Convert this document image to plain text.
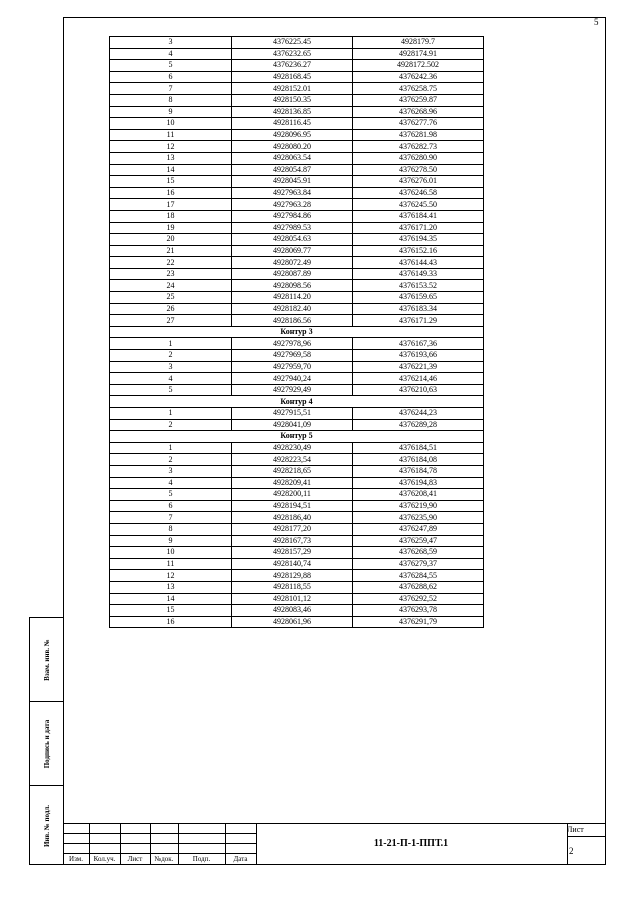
5
Взам. инв. №
Подпись и дата
Инв. № подл.
3	4376225.45	4928179.7
4	4376232.65	4928174.91
5	4376236.27	4928172.502
6	4928168.45	4376242.36
7	4928152.01	4376258.75
8	4928150.35	4376259.87
9	4928136.85	4376268.96
10	4928116.45	4376277.76
11	4928096.95	4376281.98
12	4928080.20	4376282.73
13	4928063.54	4376280.90
14	4928054.87	4376278.50
15	4928045.91	4376276.01
16	4927963.84	4376246.58
17	4927963.28	4376245.50
18	4927984.86	4376184.41
19	4927989.53	4376171.20
20	4928054.63	4376194.35
21	4928069.77	4376152.16
22	4928072.49	4376144.43
23	4928087.89	4376149.33
24	4928098.56	4376153.52
25	4928114.20	4376159.65
26	4928182.40	4376183.34
27	4928186.56	4376171.29
Контур 3		
1	4927978,96	4376167,36
2	4927969,58	4376193,66
3	4927959,70	4376221,39
4	4927940,24	4376214,46
5	4927929,49	4376210,63
Контур 4		
1	4927915,51	4376244,23
2	4928041,09	4376289,28
Контур 5		
1	4928230,49	4376184,51
2	4928223,54	4376184,08
3	4928218,65	4376184,78
4	4928209,41	4376194,83
5	4928200,11	4376208,41
6	4928194,51	4376219,90
7	4928186,40	4376235,90
8	4928177,20	4376247,89
9	4928167,73	4376259,47
10	4928157,29	4376268,59
11	4928140,74	4376279,37
12	4928129,88	4376284,55
13	4928118,55	4376288,62
14	4928101,12	4376292,52
15	4928083,46	4376293,78
16	4928061,96	4376291,79
Изм.	Кол.уч.	Лист	№док.	Подп.	Дата
11-21-П-1-ППТ.1
Лист
2
